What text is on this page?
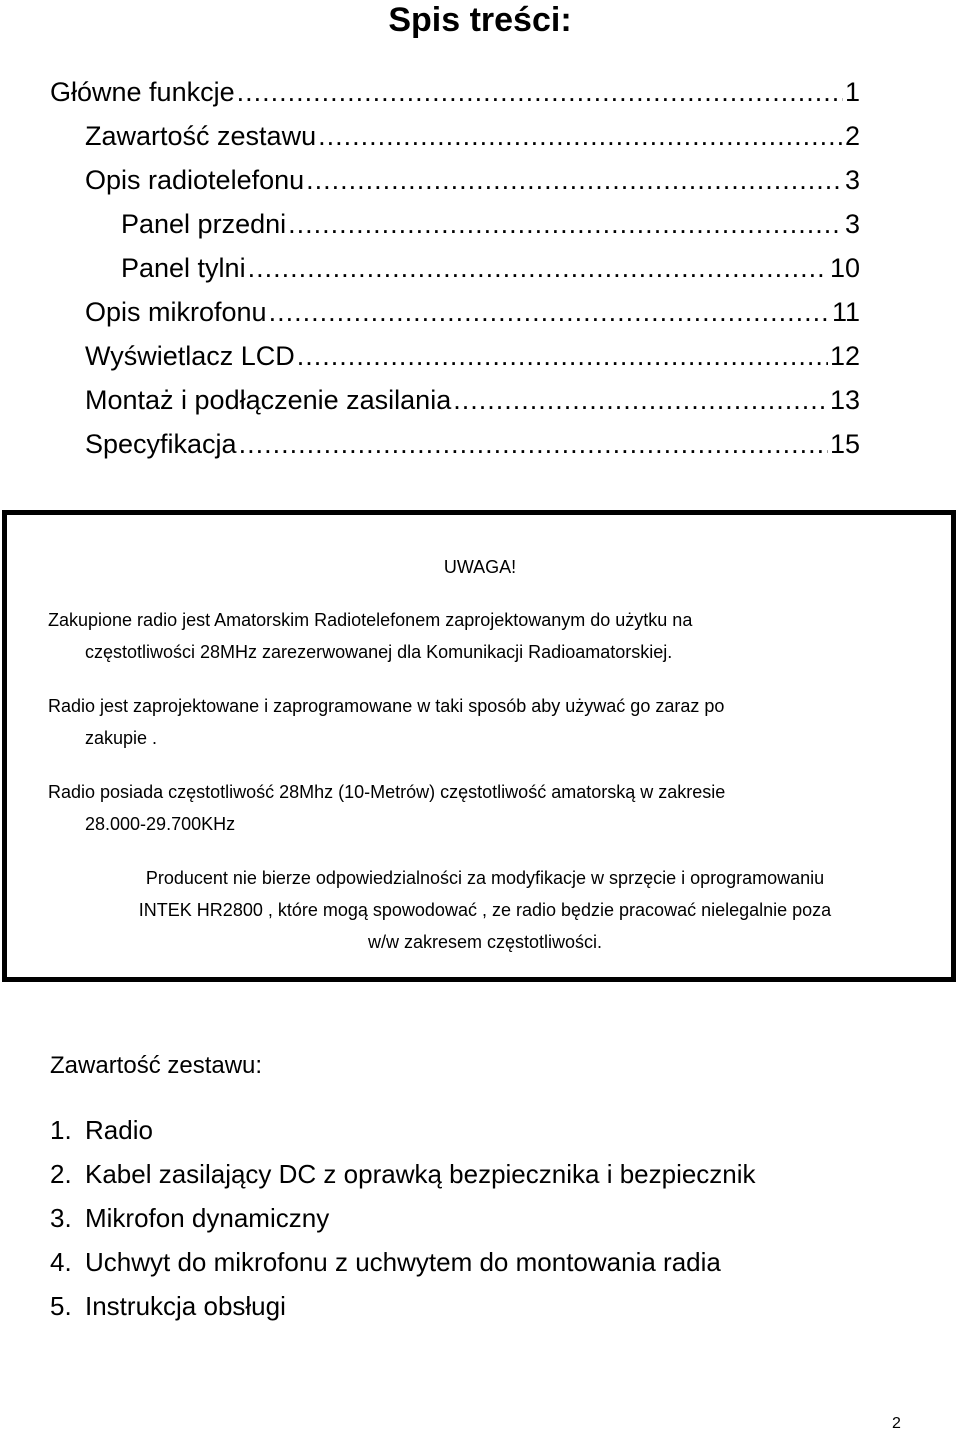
Spis treści:
Główne funkcje .....	1
Zawartość zestawu .....	2
Opis radiotelefonu .....	3
Panel przedni .....	3
Panel tylni .....	10
Opis mikrofonu .....	11
Wyświetlacz LCD .....	12
Montaż i podłączenie zasilania .....	13
Specyfikacja .....	15
UWAGA!
Zakupione radio jest Amatorskim Radiotelefonem zaprojektowanym do użytku na
częstotliwości 28MHz zarezerwowanej dla Komunikacji Radioamatorskiej.
Radio jest zaprojektowane i zaprogramowane w taki sposób aby używać go zaraz po
zakupie .
Radio posiada częstotliwość 28Mhz (10-Metrów) częstotliwość amatorską w zakresie
28.000-29.700KHz
Producent nie bierze odpowiedzialności za modyfikacje w sprzęcie i oprogramowaniu
INTEK HR2800 , które mogą spowodować , ze radio będzie pracować nielegalnie poza
w/w zakresem częstotliwości.
Zawartość zestawu:
1. Radio
2. Kabel zasilający DC z oprawką bezpiecznika i bezpiecznik
3. Mikrofon dynamiczny
4. Uchwyt do mikrofonu z uchwytem do montowania radia
5. Instrukcja obsługi
2
